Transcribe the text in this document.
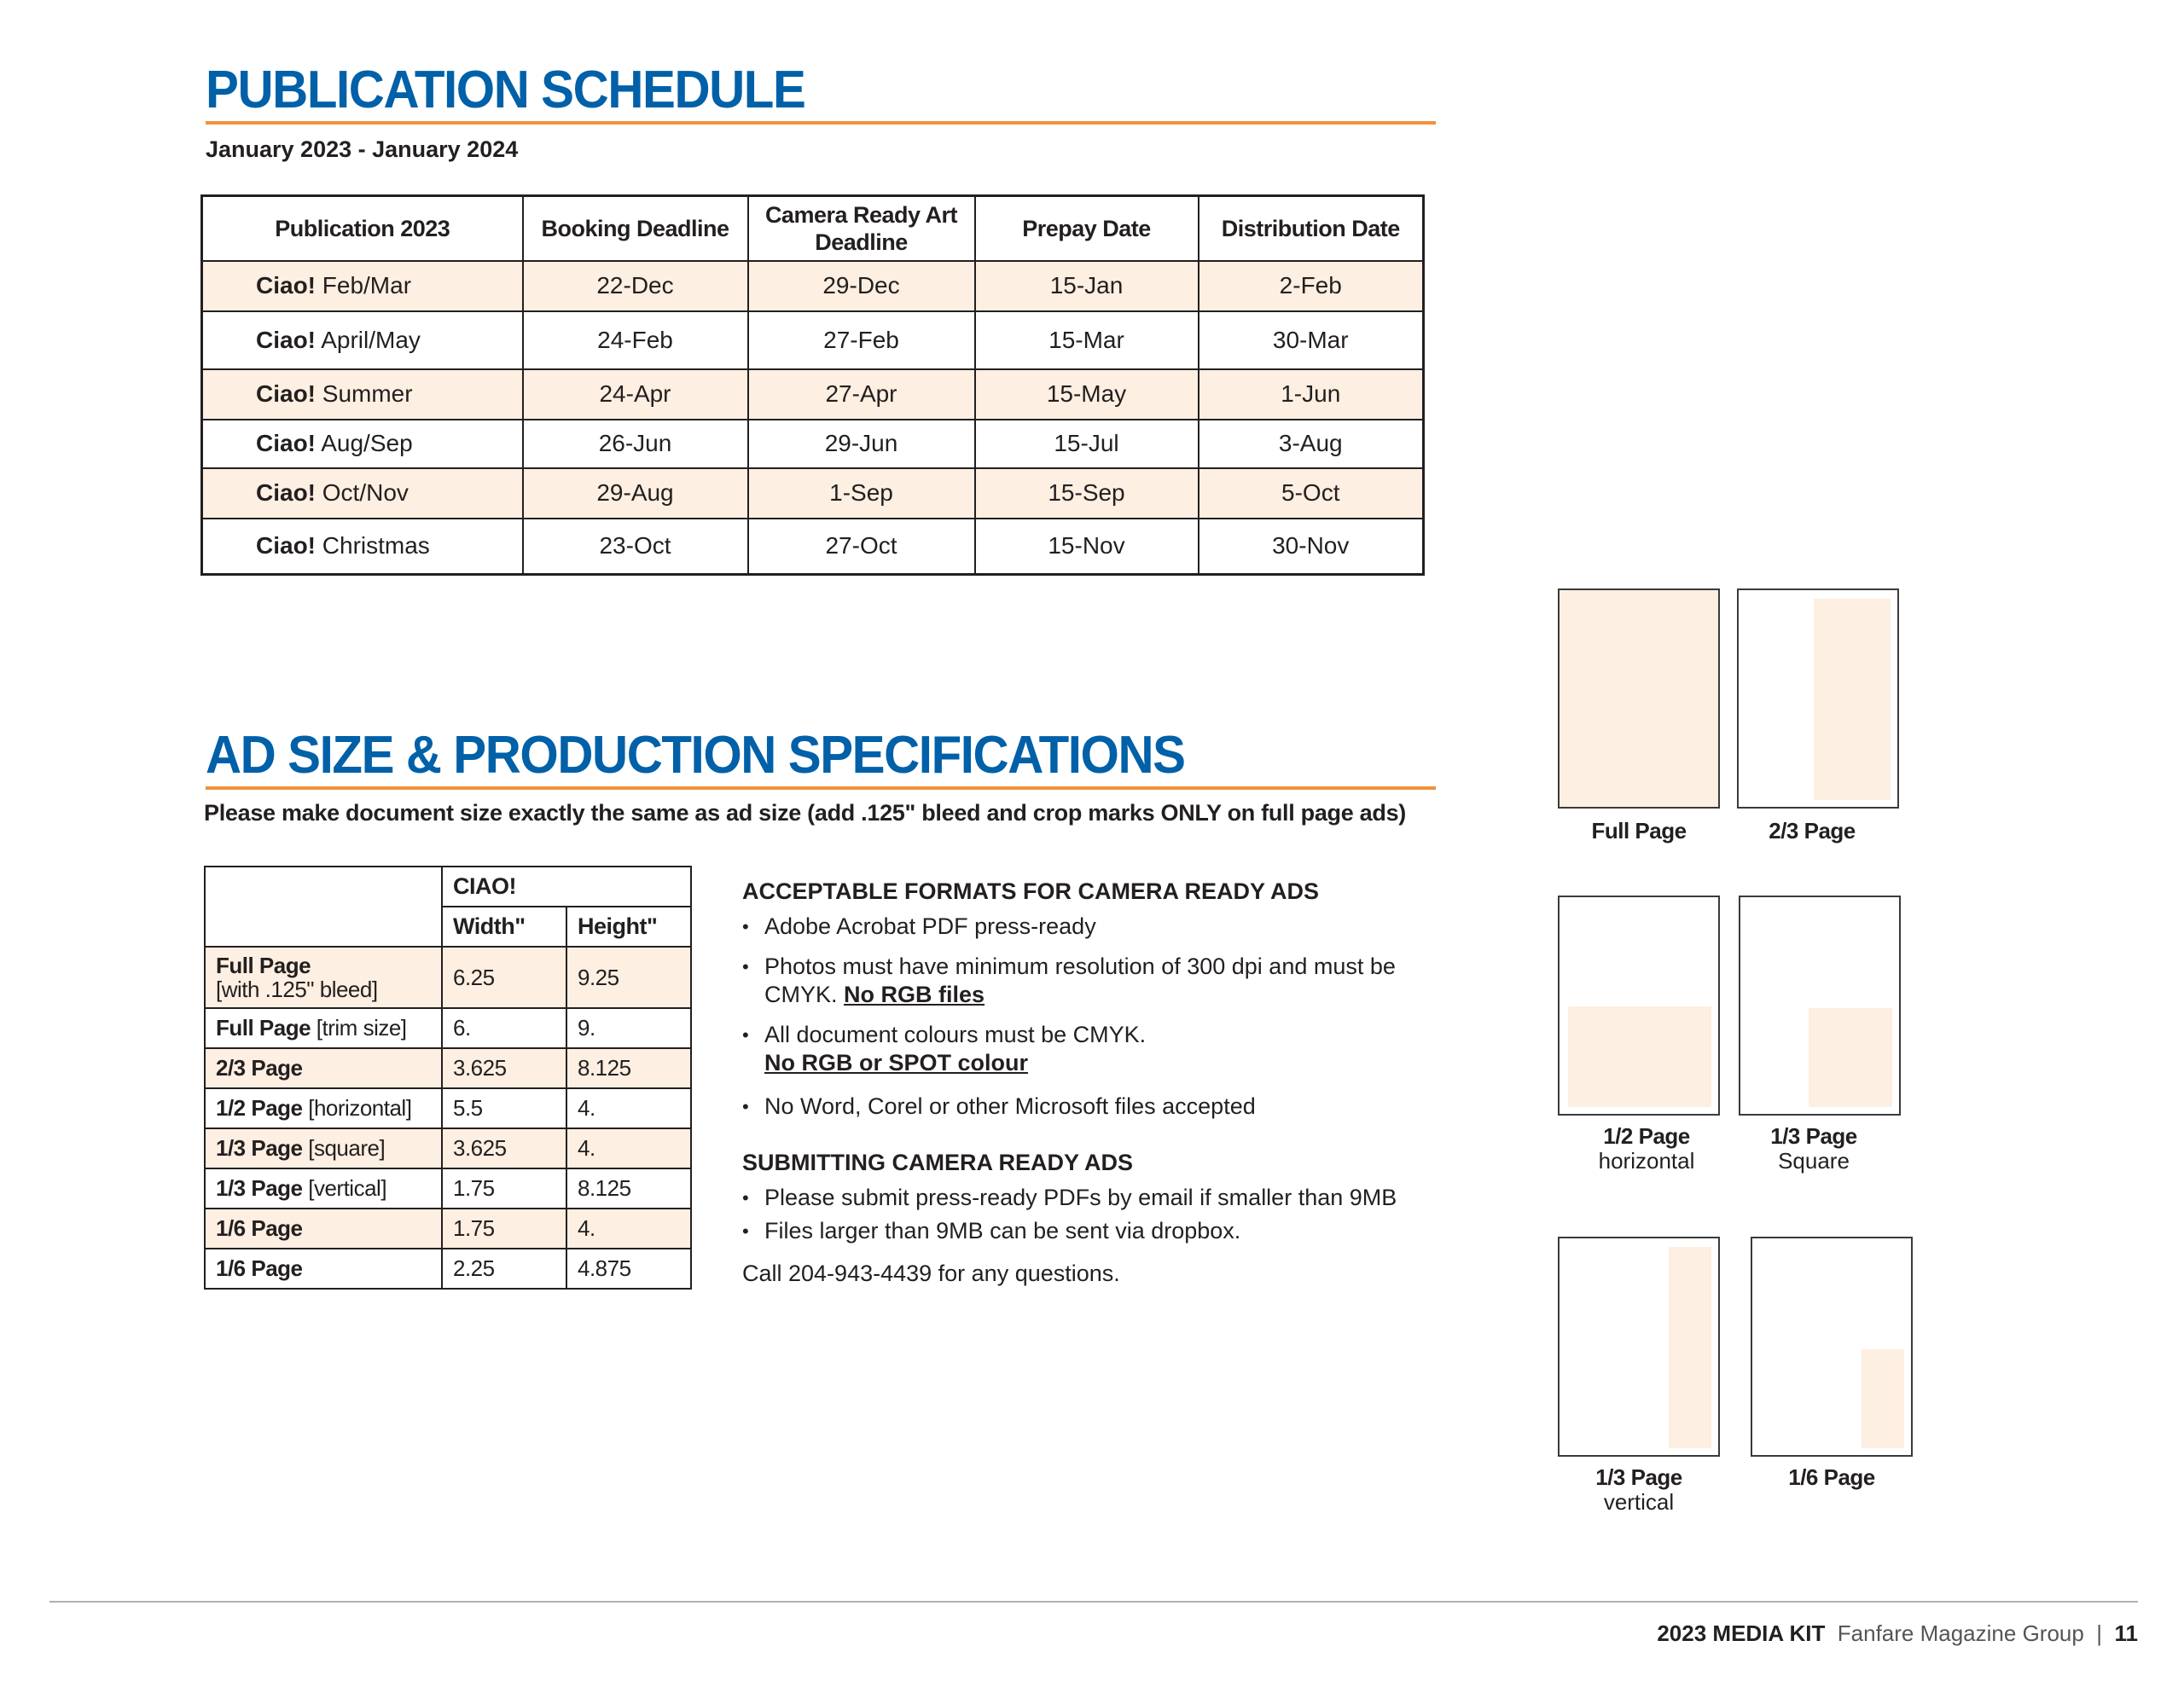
PUBLICATION SCHEDULE
January 2023 - January 2024
Publication 2023	Booking Deadline	Camera Ready Art Deadline	Prepay Date	Distribution Date
Ciao! Feb/Mar	22-Dec	29-Dec	15-Jan	2-Feb
Ciao! April/May	24-Feb	27-Feb	15-Mar	30-Mar
Ciao! Summer	24-Apr	27-Apr	15-May	1-Jun
Ciao! Aug/Sep	26-Jun	29-Jun	15-Jul	3-Aug
Ciao! Oct/Nov	29-Aug	1-Sep	15-Sep	5-Oct
Ciao! Christmas	23-Oct	27-Oct	15-Nov	30-Nov
AD SIZE & PRODUCTION SPECIFICATIONS
Please make document size exactly the same as ad size (add .125" bleed and crop marks ONLY on full page ads)
	CIAO!	
	Width"	Height"
Full Page
[with .125" bleed]	6.25	9.25
Full Page [trim size]	6.	9.
2/3 Page	3.625	8.125
1/2 Page [horizontal]	5.5	4.
1/3 Page [square]	3.625	4.
1/3 Page [vertical]	1.75	8.125
1/6 Page	1.75	4.
1/6 Page	2.25	4.875
ACCEPTABLE FORMATS FOR CAMERA READY ADS
• Adobe Acrobat PDF press-ready
• Photos must have minimum resolution of 300 dpi and must be CMYK. No RGB files
• All document colours must be CMYK.
No RGB or SPOT colour
• No Word, Corel or other Microsoft files accepted
SUBMITTING CAMERA READY ADS
• Please submit press-ready PDFs by email if smaller than 9MB
• Files larger than 9MB can be sent via dropbox.
Call 204-943-4439 for any questions.
Full Page	2/3 Page
1/2 Page
horizontal
1/3 Page
Square
1/3 Page
vertical
1/6 Page
2023 MEDIA KIT Fanfare Magazine Group | 11
